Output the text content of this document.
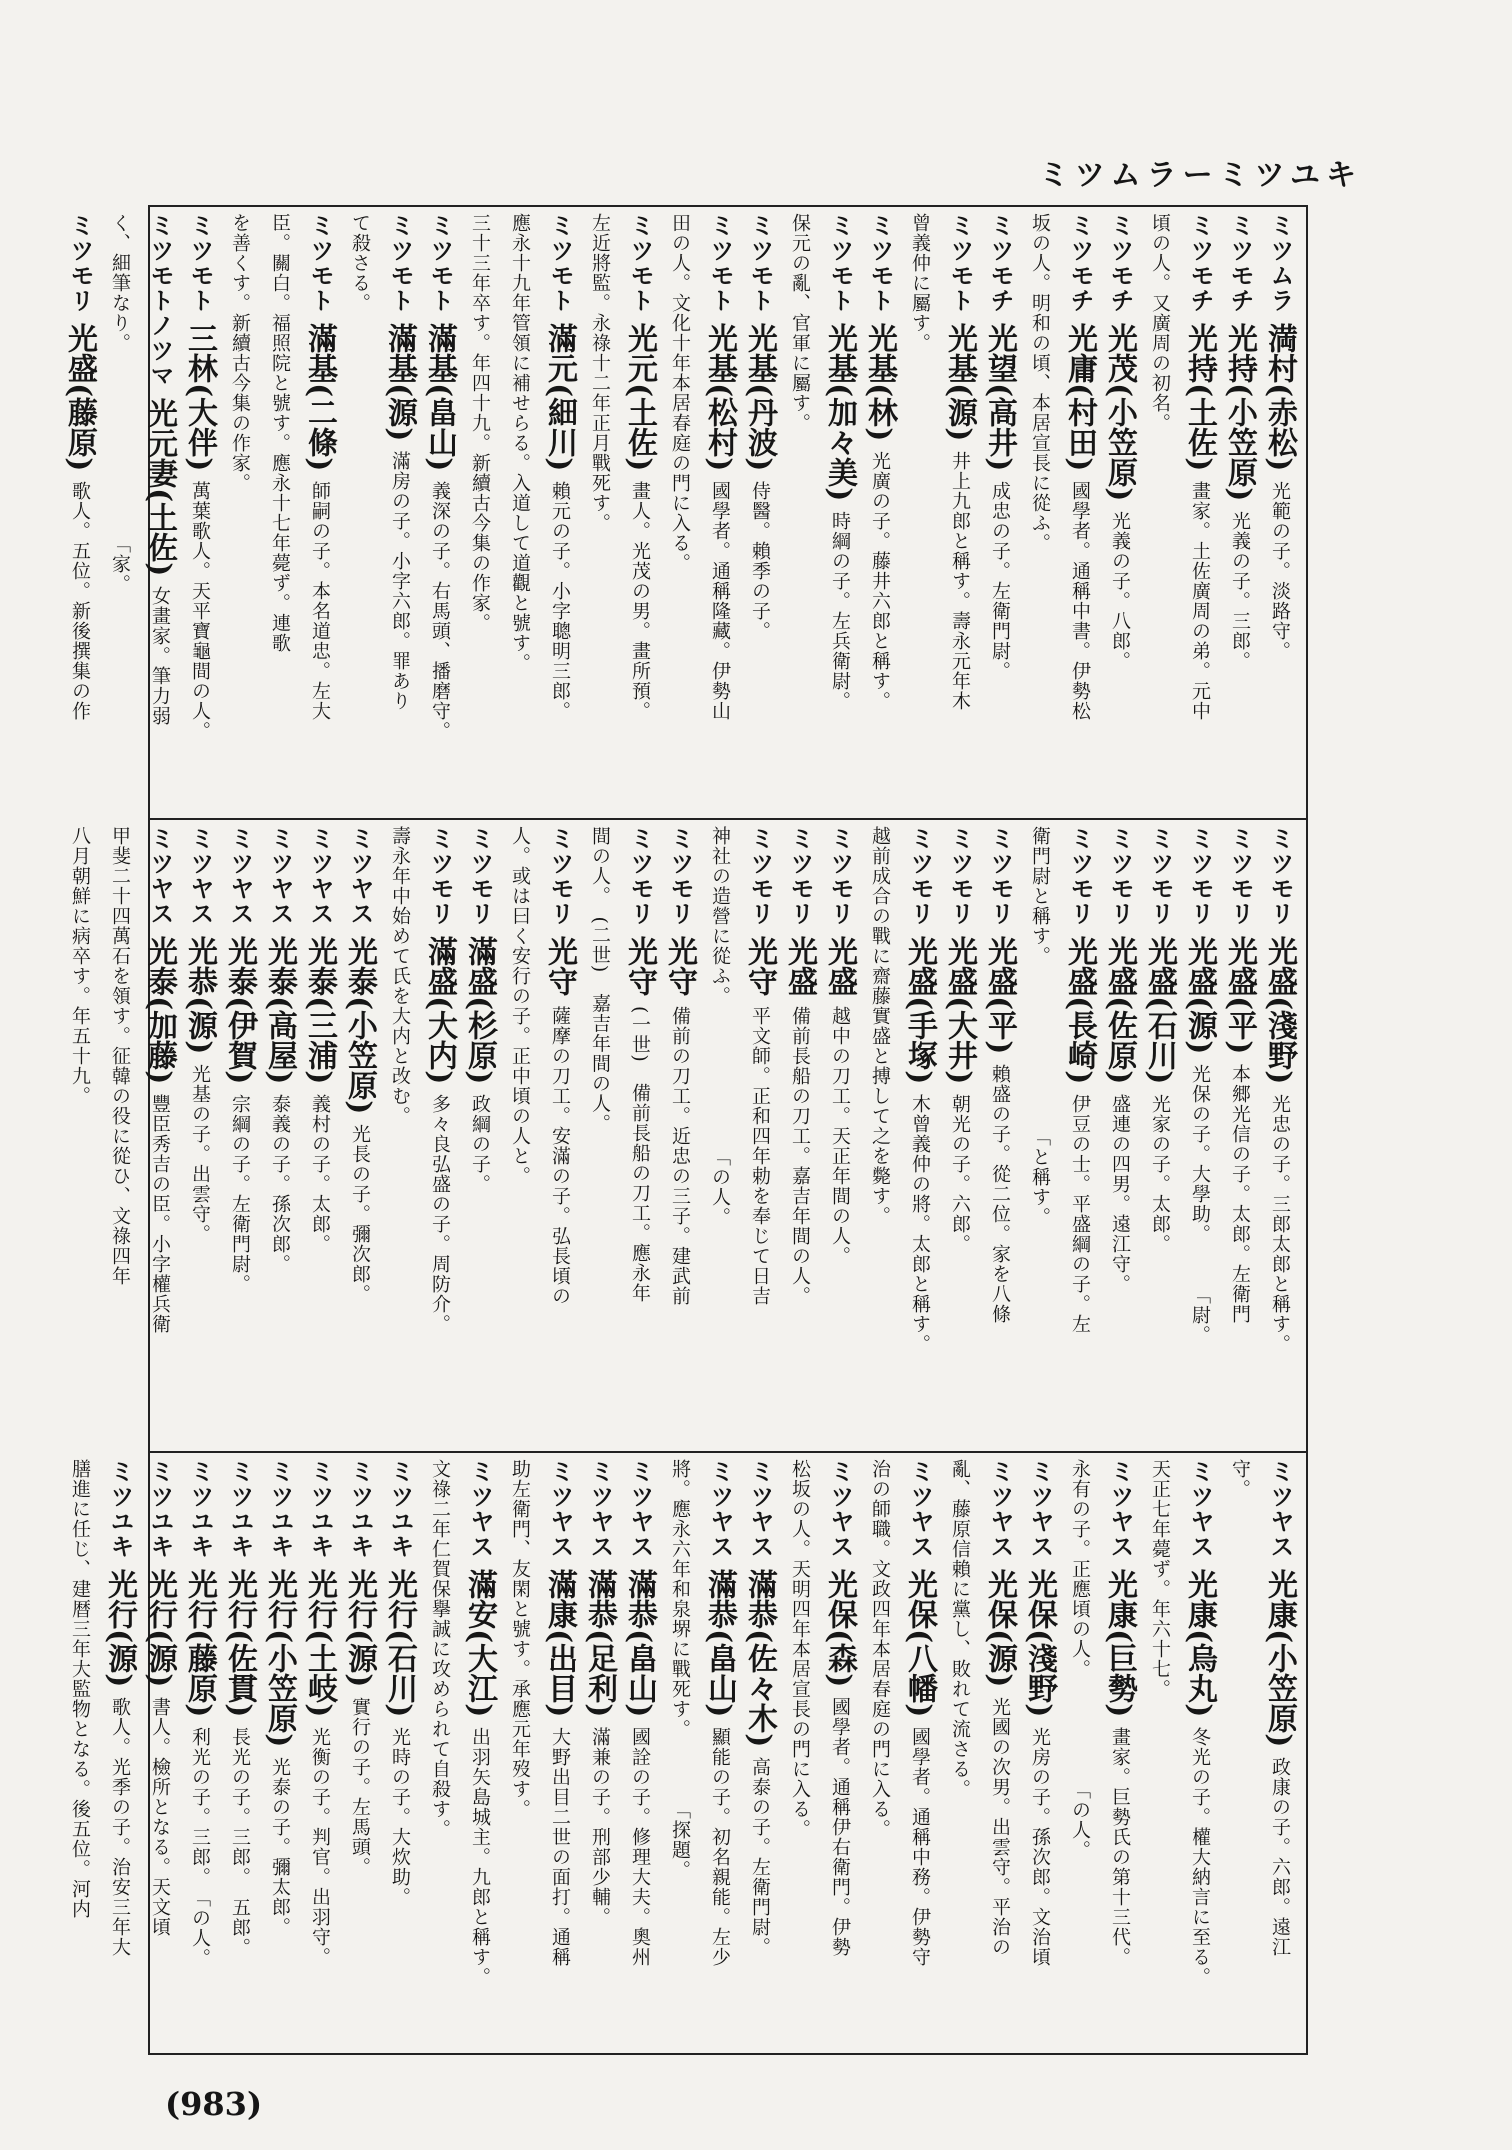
ミツムラーミツユキ
ミツムラ
満村(赤松)
光範の子。淡路守。
ミツモチ
光持(小笠原)
光義の子。三郎。
ミツモチ
光持(土佐)
畫家。土佐廣周の弟。元中
頃の人。又廣周の初名。
ミツモチ
光茂(小笠原)
光義の子。八郎。
ミツモチ
光庸(村田)
國學者。通稱中書。伊勢松
坂の人。明和の頃、本居宣長に從ふ。
ミツモチ
光望(高井)
成忠の子。左衛門尉。
ミツモト
光基(源)
井上九郎と稱す。壽永元年木
曾義仲に屬す。
ミツモト
光基(林)
光廣の子。藤井六郎と稱す。
ミツモト
光基(加々美)
時綱の子。左兵衛尉。
保元の亂、官軍に屬す。
ミツモト
光基(丹波)
侍醫。賴季の子。
ミツモト
光基(松村)
國學者。通稱隆藏。伊勢山
田の人。文化十年本居春庭の門に入る。
ミツモト
光元(土佐)
畫人。光茂の男。畫所預。
左近將監。永祿十二年正月戰死す。
ミツモト
滿元(細川)
賴元の子。小字聰明三郎。
應永十九年管領に補せらる。入道して道觀と號す。
三十三年卒す。年四十九。新續古今集の作家。
ミツモト
滿基(畠山)
義深の子。右馬頭、播磨守。
ミツモト
滿基(源)
滿房の子。小字六郎。罪あり
て殺さる。
ミツモト
滿基(二條)
師嗣の子。本名道忠。左大
臣。關白。福照院と號す。應永十七年薨ず。連歌
を善くす。新續古今集の作家。
ミツモト
三林(大伴)
萬葉歌人。天平寶龜間の人。
ミツモトノツマ
光元妻(土佐)
女畫家。筆力弱
く、細筆なり。　　　　　　　　　　「家。
ミツモリ
光盛(藤原)
歌人。五位。新後撰集の作
ミツモリ
光盛(淺野)
光忠の子。三郎太郎と稱す。
ミツモリ
光盛(平)
本郷光信の子。太郎。左衛門
ミツモリ
光盛(源)
光保の子。大學助。　　　「尉。
ミツモリ
光盛(石川)
光家の子。太郎。
ミツモリ
光盛(佐原)
盛連の四男。遠江守。
ミツモリ
光盛(長崎)
伊豆の士。平盛綱の子。左
衛門尉と稱す。　　　　　　　　　「と稱す。
ミツモリ
光盛(平)
賴盛の子。從二位。家を八條
ミツモリ
光盛(大井)
朝光の子。六郎。
ミツモリ
光盛(手塚)
木曾義仲の將。太郎と稱す。
越前成合の戰に齋藤實盛と搏して之を斃す。
ミツモリ
光盛
越中の刀工。天正年間の人。
ミツモリ
光盛
備前長船の刀工。嘉吉年間の人。
ミツモリ
光守
平文師。正和四年勅を奉じて日吉
神社の造營に從ふ。　　　　　　　　「の人。
ミツモリ
光守
備前の刀工。近忠の三子。建武前
ミツモリ
光守
(一世)　備前長船の刀工。應永年
間の人。　(二世)　嘉吉年間の人。
ミツモリ
光守
薩摩の刀工。安滿の子。弘長頃の
人。或は曰く安行の子。正中頃の人と。
ミツモリ
滿盛(杉原)
政綱の子。
ミツモリ
滿盛(大内)
多々良弘盛の子。周防介。
壽永年中始めて氏を大内と改む。
ミツヤス
光泰(小笠原)
光長の子。彌次郎。
ミツヤス
光泰(三浦)
義村の子。太郎。
ミツヤス
光泰(高屋)
泰義の子。孫次郎。
ミツヤス
光泰(伊賀)
宗綱の子。左衛門尉。
ミツヤス
光恭(源)
光基の子。出雲守。
ミツヤス
光泰(加藤)
豐臣秀吉の臣。小字權兵衛
甲斐二十四萬石を領す。征韓の役に從ひ、文祿四年
八月朝鮮に病卒す。年五十九。
ミツヤス
光康(小笠原)
政康の子。六郎。遠江
守。
ミツヤス
光康(烏丸)
冬光の子。權大納言に至る。
天正七年薨ず。年六十七。
ミツヤス
光康(巨勢)
畫家。巨勢氏の第十三代。
永有の子。正應頃の人。　　　　　　「の人。
ミツヤス
光保(淺野)
光房の子。孫次郎。文治頃
ミツヤス
光保(源)
光國の次男。出雲守。平治の
亂、藤原信賴に黨し、敗れて流さる。
ミツヤス
光保(八幡)
國學者。通稱中務。伊勢守
治の師職。文政四年本居春庭の門に入る。
ミツヤス
光保(森)
國學者。通稱伊右衛門。伊勢
松坂の人。天明四年本居宣長の門に入る。
ミツヤス
滿恭(佐々木)
高泰の子。左衛門尉。
ミツヤス
滿恭(畠山)
顯能の子。初名親能。左少
將。應永六年和泉堺に戰死す。　　　　「探題。
ミツヤス
滿恭(畠山)
國詮の子。修理大夫。奧州
ミツヤス
滿恭(足利)
滿兼の子。刑部少輔。
ミツヤス
滿康(出目)
大野出目二世の面打。通稱
助左衛門、友閑と號す。承應元年歿す。
ミツヤス
滿安(大江)
出羽矢島城主。九郎と稱す。
文祿二年仁賀保擧誠に攻められて自殺す。
ミツユキ
光行(石川)
光時の子。大炊助。
ミツユキ
光行(源)
實行の子。左馬頭。
ミツユキ
光行(土岐)
光衡の子。判官。出羽守。
ミツユキ
光行(小笠原)
光泰の子。彌太郎。
ミツユキ
光行(佐貫)
長光の子。三郎。　五郎。
ミツユキ
光行(藤原)
利光の子。三郎。　「の人。
ミツユキ
光行(源)
書人。檢所となる。天文頃
ミツユキ
光行(源)
歌人。光季の子。治安三年大
膳進に任じ、建暦三年大監物となる。後五位。河内
(983)
